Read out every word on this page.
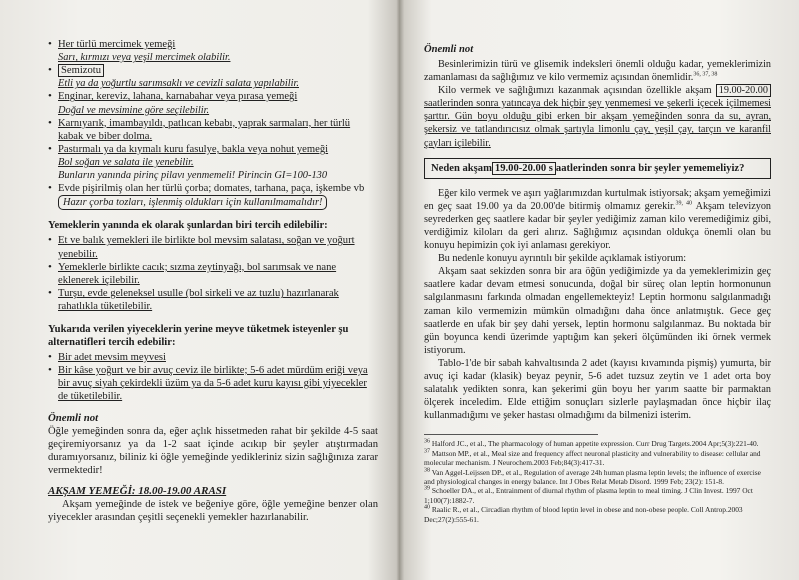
• Her türlü mercimek yemeği
Sarı, kırmızı veya yeşil mercimek olabilir.
• Semizotu
Etli ya da yoğurtlu sarımsaklı ve cevizli salata yapılabilir.
• Enginar, kereviz, lahana, karnabahar veya pırasa yemeği
Doğal ve mevsimine göre seçilebilir.
• Karnıyarık, imambayıldı, patlıcan kebabı, yaprak sarmaları, her türlü kabak ve biber dolma.
• Pastırmalı ya da kıymalı kuru fasulye, bakla veya nohut yemeği
Bol soğan ve salata ile yenebilir.
Bunların yanında pirinç pilavı yenmemeli! Pirincin GI=100-130
• Evde pişirilmiş olan her türlü çorba; domates, tarhana, paça, işkembe vb Hazır çorba tozları, işlenmiş oldukları için kullanılmamalıdır!
Yemeklerin yanında ek olarak şunlardan biri tercih edilebilir:
• Et ve balık yemekleri ile birlikte bol mevsim salatası, soğan ve yoğurt yenebilir.
• Yemeklerle birlikte cacık; sızma zeytinyağı, bol sarımsak ve nane eklenerek içilebilir.
• Turşu, evde geleneksel usulle (bol sirkeli ve az tuzlu) hazırlanarak rahatlıkla tüketilebilir.
Yukarıda verilen yiyeceklerin yerine meyve tüketmek isteyenler şu alternatifleri tercih edebilir:
• Bir adet mevsim meyvesi
• Bir kâse yoğurt ve bir avuç ceviz ile birlikte; 5-6 adet mürdüm eriği veya bir avuç siyah çekirdekli üzüm ya da 5-6 adet kuru kayısı gibi yiyecekler de tüketilebilir.
Önemli not

Öğle yemeğinden sonra da, eğer açlık hissetmeden rahat bir şekilde 4-5 saat geçiremiyorsanız ya da 1-2 saat içinde acıkıp bir şeyler atıştırmadan duramıyorsanız, biliniz ki öğle yemeğinde yedikleriniz sizin sağlığınıza zarar vermektedir!

AKŞAM YEMEĞİ: 18.00-19.00 ARASI

Akşam yemeğinde de istek ve beğeniye göre, öğle yemeğine benzer olan yiyecekler arasından çeşitli seçenekli yemekler hazırlanabilir.

Önemli not

Besinlerimizin türü ve glisemik indeksleri önemli olduğu kadar, yemeklerimizin zamanlaması da sağlığımız ve kilo vermemiz açısından önemlidir.$^{36, 37, 38}$

Kilo vermek ve sağlığımızı kazanmak açısından özellikle akşam 19.00-20.00 saatlerinden sonra yatıncaya dek hiçbir şey yenmemesi ve şekerli içecek içilmemesi şarttır. Gün boyu olduğu gibi erken bir akşam yemeğinden sonra da su, ayran, şekersiz ve tatlandırıcısız olmak şartıyla limonlu çay, yeşil çay, tarçın ve karanfil çayları içilebilir.

Neden akşam 19.00-20.00 s aatlerinden sonra bir şeyler yememeliyiz?

Eğer kilo vermek ve aşırı yağlarımızdan kurtulmak istiyorsak; akşam yemeğimizi en geç saat 19.00 ya da 20.00'de bitirmiş olmamız gerekir.$^{39, 40}$ Akşam televizyon seyrederken geç saatlere kadar bir şeyler yediğimiz zaman kilo veremediğimiz gibi, verdiğimiz kiloları da geri alırız. Sağlığımız açısından oldukça önemli olan bu konuyu hepimizin çok iyi anlaması gerekiyor.

Bu nedenle konuyu ayrıntılı bir şekilde açıklamak istiyorum:

Akşam saat sekizden sonra bir ara öğün yediğimizde ya da yemeklerimizin geç saatlere kadar devam etmesi sonucunda, doğal bir süreç olan leptin hormonunun salgılanmasını farkında olmadan engellemekteyiz! Leptin hormonu salgılanmadığı zaman kilo vermemizin mümkün olmadığını daha önce anlatmıştık. Gece geç saatlerde en ufak bir şey dahi yersek, leptin hormonu salgılanmaz. Bu noktada bir gün boyunca kendi üzerimde yaptığım kan şekeri ölçümünden iki örnek vermek istiyorum.

Tablo-1'de bir sabah kahvaltısında 2 adet (kayısı kıvamında pişmiş) yumurta, bir avuç içi kadar (klasik) beyaz peynir, 5-6 adet tuzsuz zeytin ve 1 adet orta boy salatalık yedikten sonra, kan şekerimi gün boyu her yarım saatte bir parmaktan ölçerek inceledim. Elde ettiğim sonuçları sizlerle paylaşmadan önce hiçbir ilaç kullanmadığımı ve şeker hastası olmadığımı da bilmenizi isterim.

$^{36}$ Halford JC., et al., The pharmacology of human appetite expression. Curr Drug Targets.2004 Apr;5(3):221-40.

$^{37}$ Mattson MP., et al., Meal size and frequency affect neuronal plasticity and vulnerability to disease: cellular and molecular mechanism. J Neurochem.2003 Feb;84(3):417-31.

$^{38}$ Van Aggel-Leijssen DP., et al., Regulation of average 24h human plasma leptin levels; the influence of exercise and physiological changes in energy balance. Int J Obes Relat Metab Disord. 1999 Feb; 23(2): 151-8.

$^{39}$ Schoeller DA., et al., Entrainment of diurnal rhythm of plasma leptin to meal timing. J Clin Invest. 1997 Oct 1;100(7):1882-7.

$^{40}$ Raalic R., et al., Circadian rhythm of blood leptin level in obese and non-obese people. Coll Antrop.2003 Dec;27(2):555-61.
